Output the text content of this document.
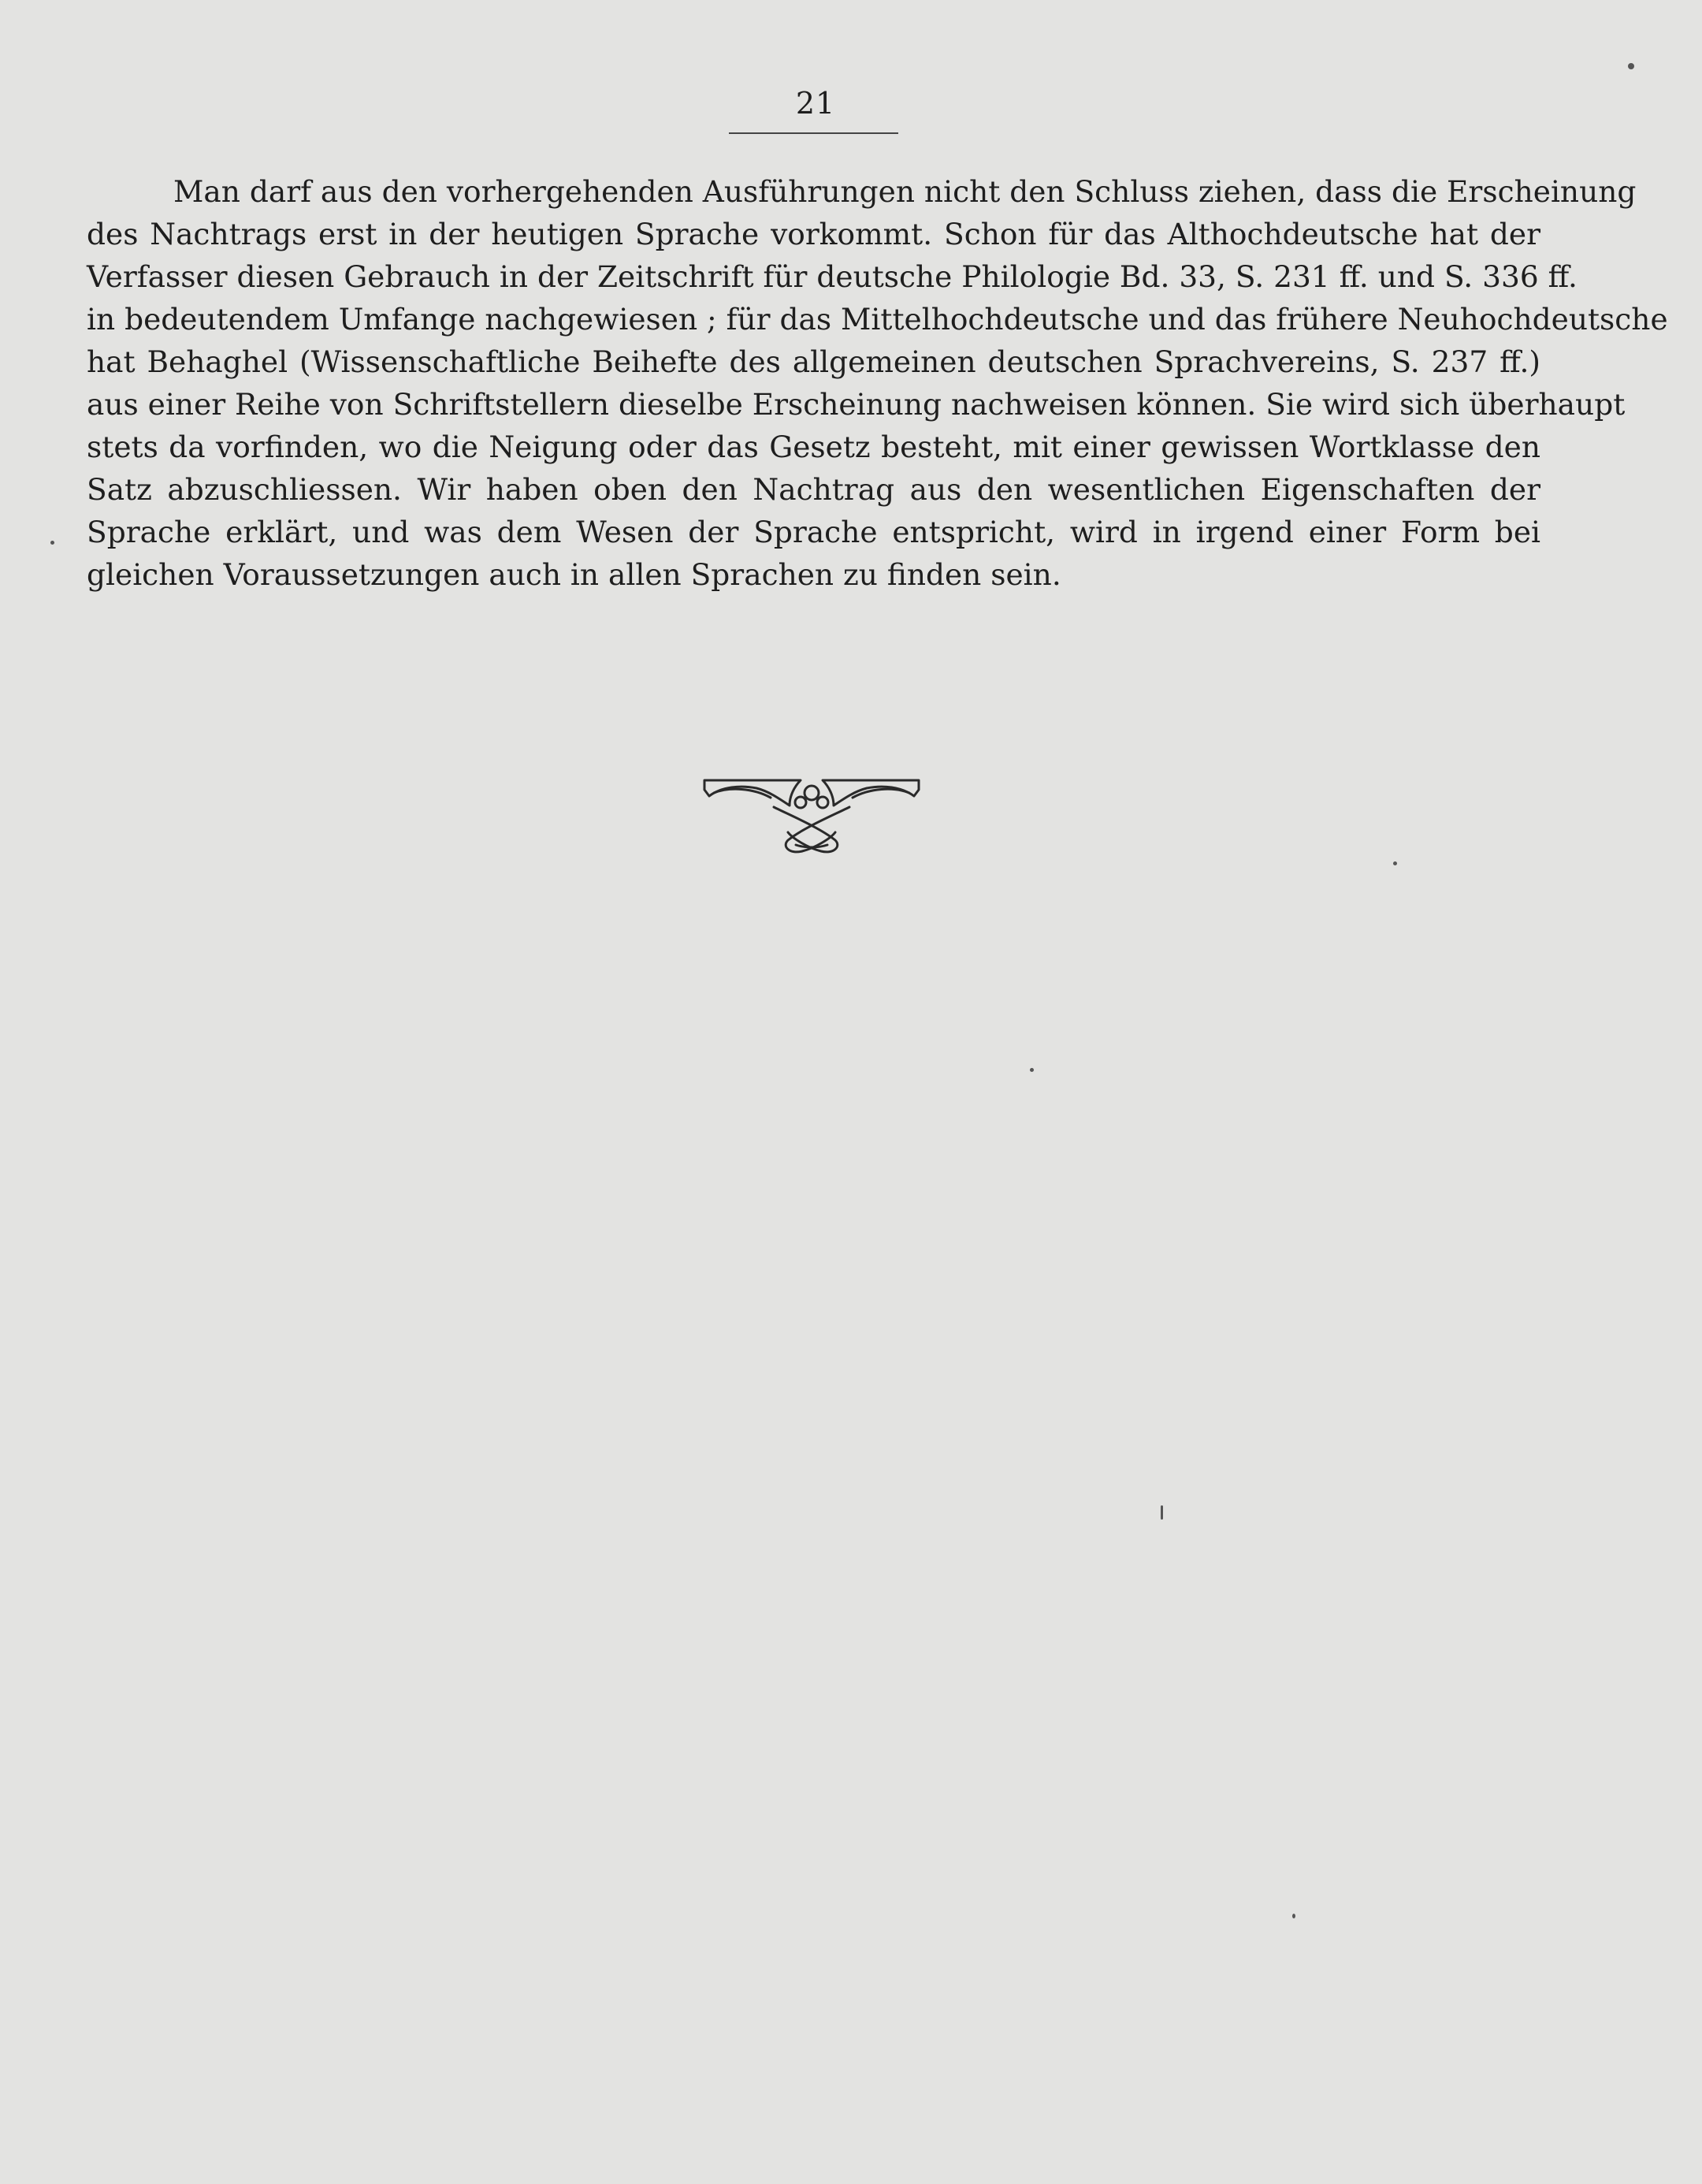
21
Man darf aus den vorhergehenden Ausführungen nicht den Schluss ziehen, dass die Erscheinung
des Nachtrags erst in der heutigen Sprache vorkommt. Schon für das Althochdeutsche hat der
Verfasser diesen Gebrauch in der Zeitschrift für deutsche Philologie Bd. 33, S. 231 ff. und S. 336 ff.
in bedeutendem Umfange nachgewiesen ; für das Mittelhochdeutsche und das frühere Neuhochdeutsche
hat Behaghel (Wissenschaftliche Beihefte des allgemeinen deutschen Sprachvereins, S. 237 ff.)
aus einer Reihe von Schriftstellern dieselbe Erscheinung nachweisen können. Sie wird sich überhaupt
stets da vorfinden, wo die Neigung oder das Gesetz besteht, mit einer gewissen Wortklasse den
Satz abzuschliessen. Wir haben oben den Nachtrag aus den wesentlichen Eigenschaften der
Sprache erklärt, und was dem Wesen der Sprache entspricht, wird in irgend einer Form bei
gleichen Voraussetzungen auch in allen Sprachen zu finden sein.
